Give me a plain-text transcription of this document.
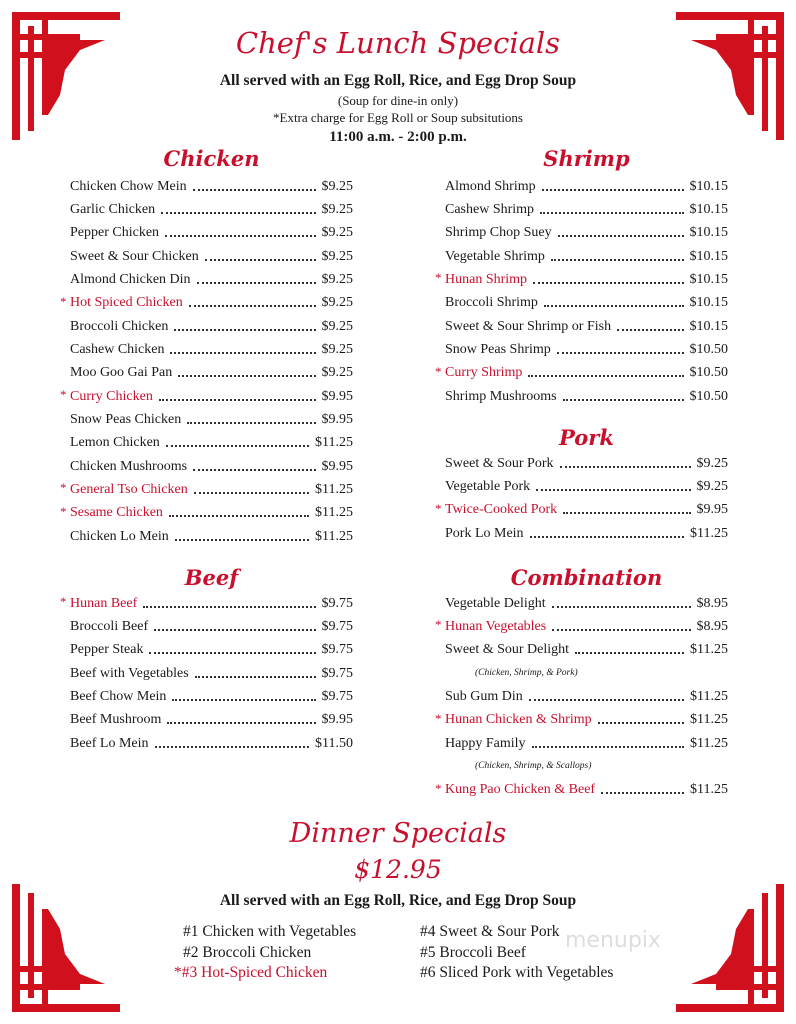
Chef's Lunch Specials
All served with an Egg Roll, Rice, and Egg Drop Soup
(Soup for dine-in only)
*Extra charge for Egg Roll or Soup subsitutions
11:00 a.m. - 2:00 p.m.
Chicken
Chicken Chow Mein	$9.25
Garlic Chicken	$9.25
Pepper Chicken	$9.25
Sweet & Sour Chicken	$9.25
Almond Chicken Din	$9.25
* Hot Spiced Chicken	$9.25
Broccoli Chicken	$9.25
Cashew Chicken	$9.25
Moo Goo Gai Pan	$9.25
* Curry Chicken	$9.95
Snow Peas Chicken	$9.95
Lemon Chicken	$11.25
Chicken Mushrooms	$9.95
* General Tso Chicken	$11.25
* Sesame Chicken	$11.25
Chicken Lo Mein	$11.25
Beef
* Hunan Beef	$9.75
Broccoli Beef	$9.75
Pepper Steak	$9.75
Beef with Vegetables	$9.75
Beef Chow Mein	$9.75
Beef Mushroom	$9.95
Beef Lo Mein	$11.50
Shrimp
Almond Shrimp	$10.15
Cashew Shrimp	$10.15
Shrimp Chop Suey	$10.15
Vegetable Shrimp	$10.15
* Hunan Shrimp	$10.15
Broccoli Shrimp	$10.15
Sweet & Sour Shrimp or Fish	$10.15
Snow Peas Shrimp	$10.50
* Curry Shrimp	$10.50
Shrimp Mushrooms	$10.50
Pork
Sweet & Sour Pork	$9.25
Vegetable Pork	$9.25
* Twice-Cooked Pork	$9.95
Pork Lo Mein	$11.25
Combination
Vegetable Delight	$8.95
* Hunan Vegetables	$8.95
Sweet & Sour Delight	$11.25
(Chicken, Shrimp, & Pork)
Sub Gum Din	$11.25
* Hunan Chicken & Shrimp	$11.25
Happy Family	$11.25
(Chicken, Shrimp, & Scallops)
* Kung Pao Chicken & Beef	$11.25
Dinner Specials
$12.95
All served with an Egg Roll, Rice, and Egg Drop Soup
#1 Chicken with Vegetables
#2 Broccoli Chicken
*#3 Hot-Spiced Chicken
#4 Sweet & Sour Pork
#5 Broccoli Beef
#6 Sliced Pork with Vegetables
menupix
